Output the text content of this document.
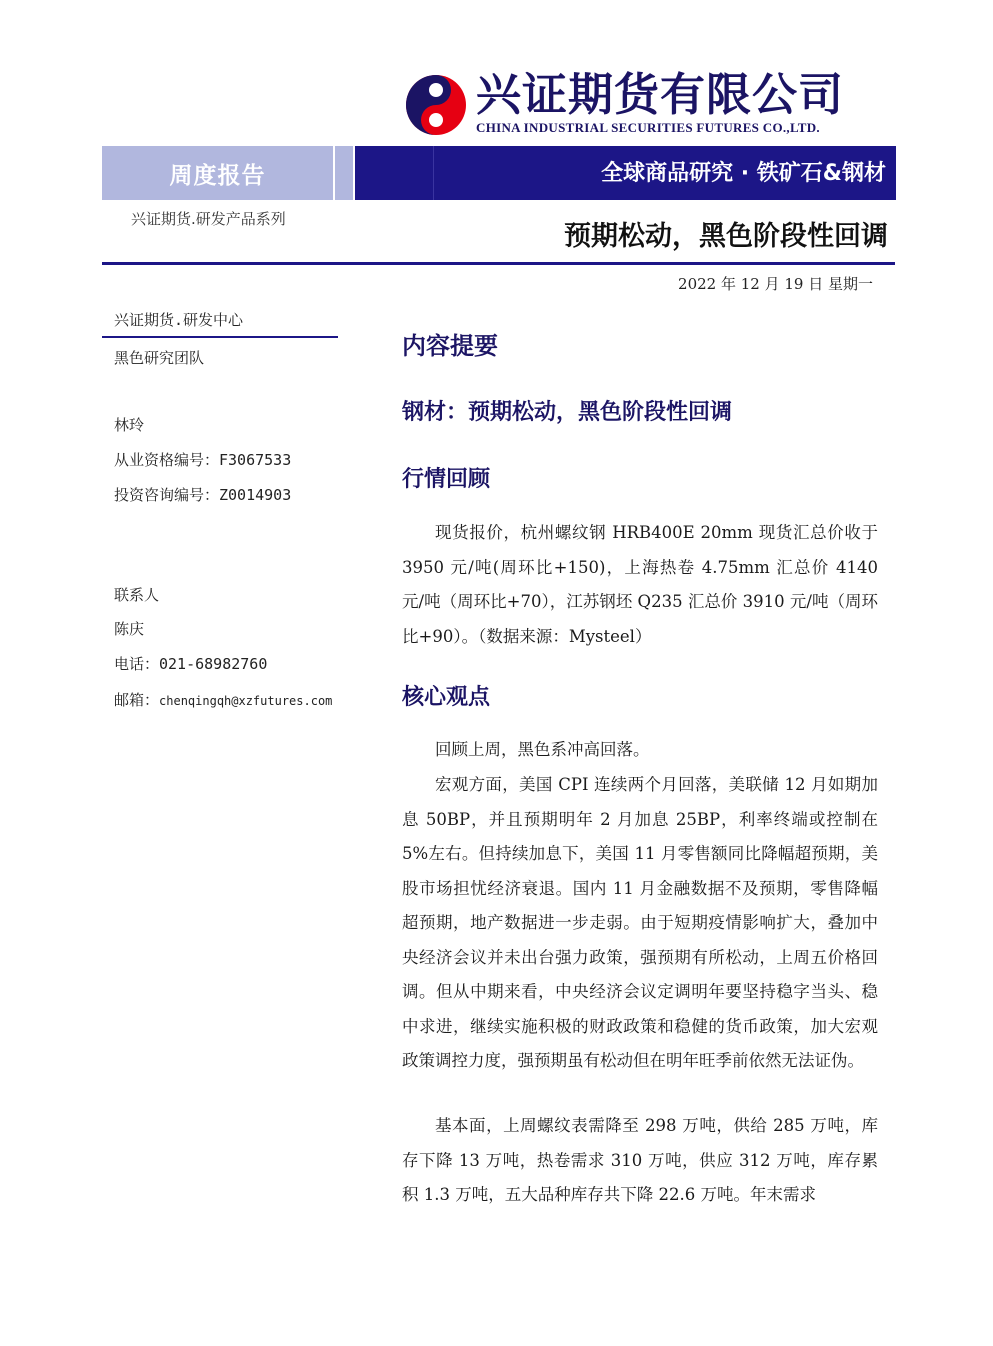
兴证期货有限公司
CHINA INDUSTRIAL SECURITIES FUTURES CO.,LTD.
周度报告	全球商品研究 · 铁矿石&钢材
兴证期货.研发产品系列
预期松动，黑色阶段性回调
2022 年 12 月 19 日 星期一
兴证期货.研发中心
黑色研究团队
林玲
从业资格编号：F3067533
投资咨询编号：Z0014903
联系人
陈庆
电话：021-68982760
邮箱：chenqingqh@xzfutures.com
内容提要
钢材：预期松动，黑色阶段性回调
行情回顾

现货报价，杭州螺纹钢 HRB400E 20mm 现货汇总价收于 3950 元/吨(周环比+150)，上海热卷 4.75mm 汇总价 4140 元/吨（周环比+70），江苏钢坯 Q235 汇总价 3910 元/吨（周环比+90）。（数据来源：Mysteel）

核心观点

回顾上周，黑色系冲高回落。

宏观方面，美国 CPI 连续两个月回落，美联储 12 月如期加息 50BP，并且预期明年 2 月加息 25BP，利率终端或控制在 5%左右。但持续加息下，美国 11 月零售额同比降幅超预期，美股市场担忧经济衰退。国内 11 月金融数据不及预期，零售降幅超预期，地产数据进一步走弱。由于短期疫情影响扩大，叠加中央经济会议并未出台强力政策，强预期有所松动，上周五价格回调。但从中期来看，中央经济会议定调明年要坚持稳字当头、稳中求进，继续实施积极的财政政策和稳健的货币政策，加大宏观政策调控力度，强预期虽有松动但在明年旺季前依然无法证伪。

基本面，上周螺纹表需降至 298 万吨，供给 285 万吨，库存下降 13 万吨，热卷需求 310 万吨，供应 312 万吨，库存累积 1.3 万吨，五大品种库存共下降 22.6 万吨。年末需求
